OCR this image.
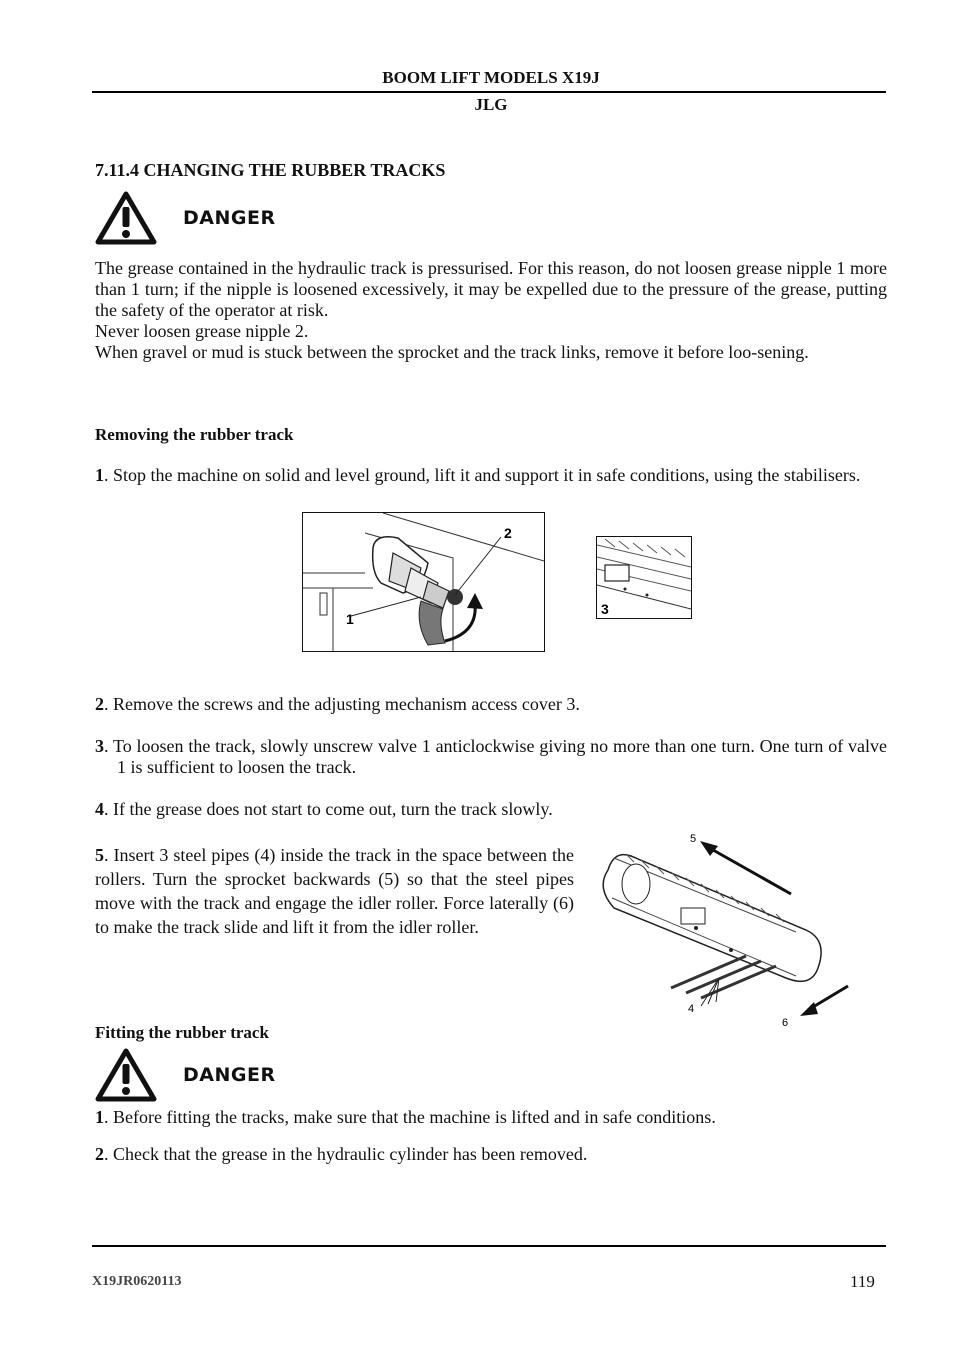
BOOM LIFT MODELS X19J
JLG
7.11.4 CHANGING THE RUBBER TRACKS
DANGER

The grease contained in the hydraulic track is pressurised. For this reason, do not loosen grease nipple 1 more than 1 turn; if the nipple is loosened excessively, it may be expelled due to the pressure of the grease, putting the safety of the operator at risk.

Never loosen grease nipple 2.

When gravel or mud is stuck between the sprocket and the track links, remove it before loo-sening.

Removing the rubber track

1. Stop the machine on solid and level ground, lift it and support it in safe conditions, using the stabilisers.

2
1
3

2. Remove the screws and the adjusting mechanism access cover 3.

3. To loosen the track, slowly unscrew valve 1 anticlockwise giving no more than one turn. One turn of valve 1 is sufficient to loosen the track.

4. If the grease does not start to come out, turn the track slowly.

5. Insert 3 steel pipes (4) inside the track in the space between the rollers. Turn the sprocket backwards (5) so that the steel pipes move with the track and engage the idler roller. Force laterally (6) to make the track slide and lift it from the idler roller.

5
4
6
Fitting the rubber track
DANGER

1. Before fitting the tracks, make sure that the machine is lifted and in safe conditions.

2. Check that the grease in the hydraulic cylinder has been removed.

X19JR0620113	119
